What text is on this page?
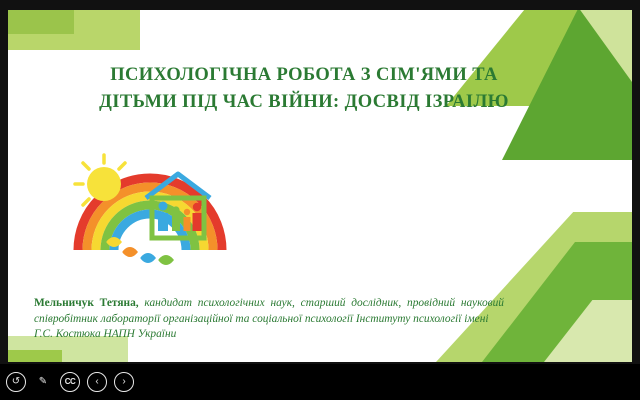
ПСИХОЛОГІЧНА РОБОТА З СІМ'ЯМИ ТА
ДІТЬМИ ПІД ЧАС ВІЙНИ: ДОСВІД ІЗРАІЛЮ
Мельничук Тетяна, кандидат психологічних наук, старший дослідник, провідний науковий співробітник лабораторії організаційної та соціальної психології Інституту психології імені
Г.С. Костюка НАПН України
↺	✎	CC	‹	›
